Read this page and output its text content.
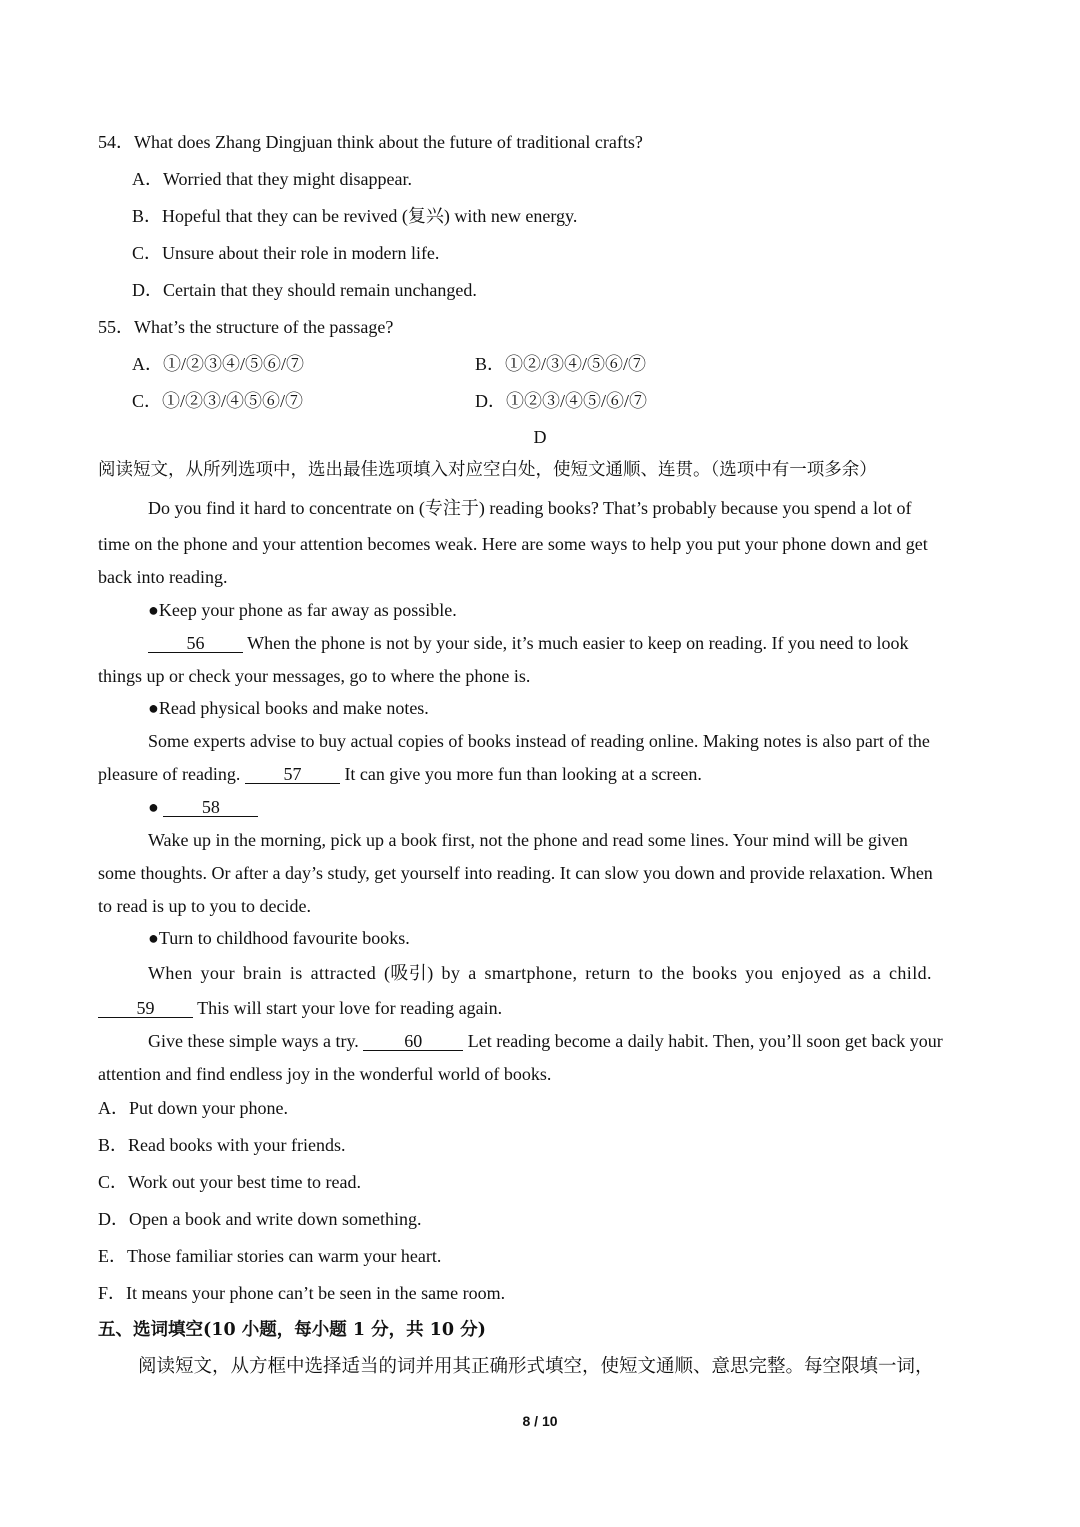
54．What does Zhang Dingjuan think about the future of traditional crafts?
A．Worried that they might disappear.
B．Hopeful that they can be revived (复兴) with new energy.
C．Unsure about their role in modern life.
D．Certain that they should remain unchanged.
55．What’s the structure of the passage?
A．①/②③④/⑤⑥/⑦	B．①②/③④/⑤⑥/⑦
C．①/②③/④⑤⑥/⑦	D．①②③/④⑤/⑥/⑦
D
阅读短文，从所列选项中，选出最佳选项填入对应空白处，使短文通顺、连贯。（选项中有一项多余）
Do you find it hard to concentrate on (专注于) reading books? That’s probably because you spend a lot of
time on the phone and your attention becomes weak. Here are some ways to help you put your phone down and get
back into reading.
●Keep your phone as far away as possible.
56 When the phone is not by your side, it’s much easier to keep on reading. If you need to look
things up or check your messages, go to where the phone is.
●Read physical books and make notes.
Some experts advise to buy actual copies of books instead of reading online. Making notes is also part of the
pleasure of reading. 57 It can give you more fun than looking at a screen.
● 58
Wake up in the morning, pick up a book first, not the phone and read some lines. Your mind will be given
some thoughts. Or after a day’s study, get yourself into reading. It can slow you down and provide relaxation. When
to read is up to you to decide.
●Turn to childhood favourite books.
When your brain is attracted (吸引) by a smartphone, return to the books you enjoyed as a child.
59 This will start your love for reading again.
Give these simple ways a try. 60 Let reading become a daily habit. Then, you’ll soon get back your
attention and find endless joy in the wonderful world of books.
A．Put down your phone.
B．Read books with your friends.
C．Work out your best time to read.
D．Open a book and write down something.
E．Those familiar stories can warm your heart.
F．It means your phone can’t be seen in the same room.
五、选词填空(10 小题，每小题 1 分，共 10 分)
阅读短文，从方框中选择适当的词并用其正确形式填空，使短文通顺、意思完整。每空限填一词，
8 / 10
